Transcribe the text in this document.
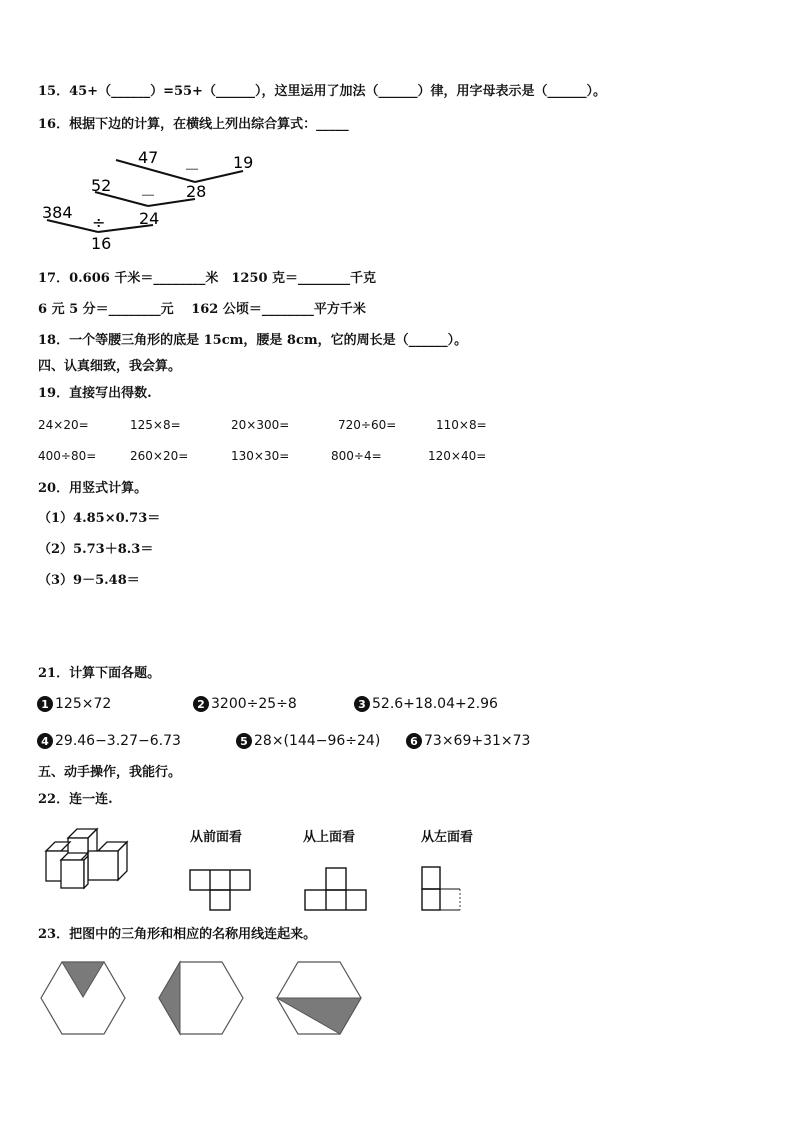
15．45+（______）=55+（______），这里运用了加法（______）律，用字母表示是（______）。
16．根据下边的计算，在横线上列出综合算式：_____
47
－ 19
28
52
－
24
384
÷
16
17．0.606 千米＝________米　1250 克＝________千克
6 元 5 分＝________元　 162 公顷＝________平方千米
18．一个等腰三角形的底是 15cm，腰是 8cm，它的周长是（______）。
四、认真细致，我会算。
19．直接写出得数.
24×20=	125×8=	20×300=	720÷60=	110×8=
400÷80=	260×20=	130×30=	800÷4=	120×40=
20．用竖式计算。
（1）4.85×0.73＝
（2）5.73＋8.3＝
（3）9－5.48＝
21．计算下面各题。
1 125×72	2 3200÷25÷8	3 52.6+18.04+2.96
4 29.46−3.27−6.73	5 28×(144−96÷24)	6 73×69+31×73
五、动手操作，我能行。
22．连一连.
从前面看	从上面看	从左面看
23．把图中的三角形和相应的名称用线连起来。
